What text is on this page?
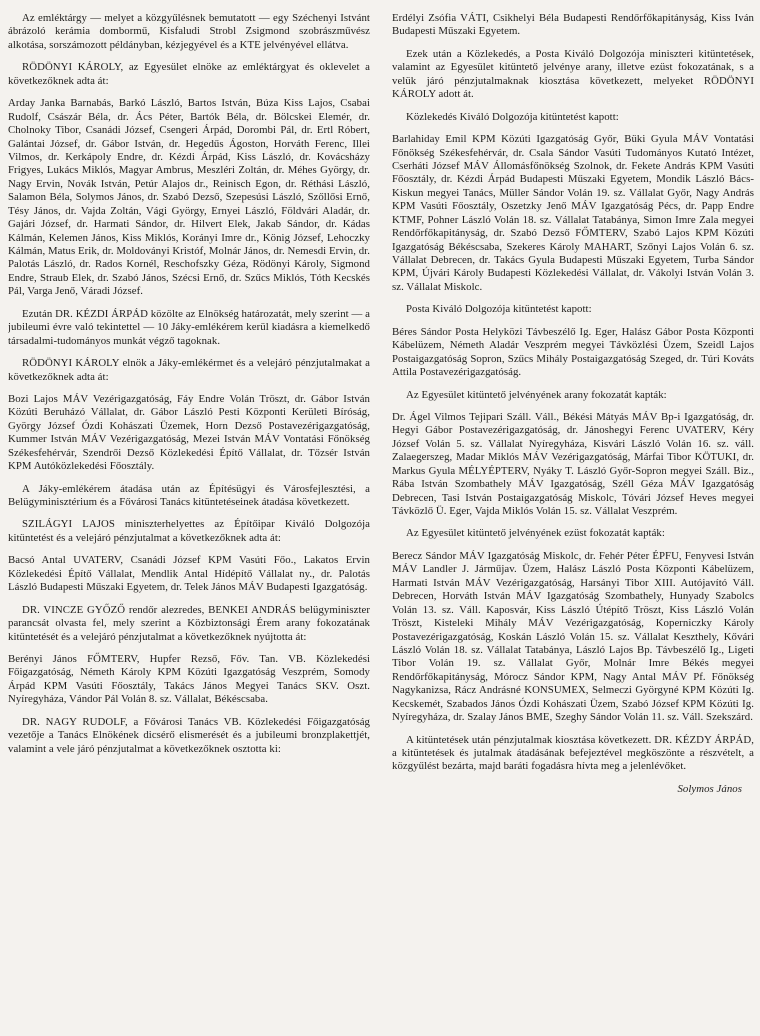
Az emléktárgy — melyet a közgyűlésnek bemutatott — egy Széchenyi Istvánt ábrázoló kerámia dombormű, Kisfaludi Strobl Zsigmond szobrászművész alkotása, sorszámozott példányban, kézjegyével és a KTE jelvényével ellátva.

RÖDÖNYI KÁROLY, az Egyesület elnöke az emléktárgyat és oklevelet a következőknek adta át:

Arday Janka Barnabás, Barkó László, Bartos István, Búza Kiss Lajos, Csabai Rudolf, Császár Béla, dr. Ács Péter, Bartók Béla, dr. Bölcskei Elemér, dr. Cholnoky Tibor, Csanádi József, Csengeri Árpád, Dorombi Pál, dr. Ertl Róbert, Galántai József, dr. Gábor István, dr. Hegedűs Ágoston, Horváth Ferenc, Illei Vilmos, dr. Kerkápoly Endre, dr. Kézdi Árpád, Kiss László, dr. Kovácsházy Frigyes, Lukács Miklós, Magyar Ambrus, Meszléri Zoltán, dr. Méhes György, dr. Nagy Ervin, Novák István, Petúr Alajos dr., Reinisch Egon, dr. Réthási László, Salamon Béla, Solymos János, dr. Szabó Dezső, Szepesúsi László, Szőllősi Ernő, Tésy János, dr. Vajda Zoltán, Vági György, Ernyei László, Földvári Aladár, dr. Gajári József, dr. Harmati Sándor, dr. Hilvert Elek, Jakab Sándor, dr. Kádas Kálmán, Kelemen János, Kiss Miklós, Korányi Imre dr., König József, Lehoczky Kálmán, Matus Erik, dr. Moldoványi Kristóf, Molnár János, dr. Nemesdi Ervin, dr. Palotás László, dr. Rados Kornél, Reschofszky Géza, Rödönyi Károly, Sigmond Endre, Straub Elek, dr. Szabó János, Szécsi Ernő, dr. Szűcs Miklós, Tóth Kecskés Pál, Varga Jenő, Váradi József.

Ezután DR. KÉZDI ÁRPÁD közölte az Elnökség határozatát, mely szerint — a jubileumi évre való tekintettel — 10 Jáky-emlékérem kerül kiadásra a kiemelkedő társadalmi-tudományos munkát végző tagoknak.

RÖDÖNYI KÁROLY elnök a Jáky-emlékérmet és a velejáró pénzjutalmakat a következőknek adta át:

Bozi Lajos MÁV Vezérigazgatóság, Fáy Endre Volán Tröszt, dr. Gábor István Közúti Beruházó Vállalat, dr. Gábor László Pesti Központi Kerületi Bíróság, György József Ózdi Kohászati Üzemek, Horn Dezső Postavezérigazgatóság, Kummer István MÁV Vezérigazgatóság, Mezei István MÁV Vontatási Főnökség Székesfehérvár, Szendrői Dezső Közlekedési Építő Vállalat, dr. Tőzsér István KPM Autóközlekedési Főosztály.

A Jáky-emlékérem átadása után az Építésügyi és Városfejlesztési, a Belügyminisztérium és a Fővárosi Tanács kitüntetéseinek átadása következett.

SZILÁGYI LAJOS miniszterhelyettes az Építőipar Kiváló Dolgozója kitüntetést és a velejáró pénzjutalmat a következőknek adta át:

Bacsó Antal UVATERV, Csanádi József KPM Vasúti Főo., Lakatos Ervin Közlekedési Építő Vállalat, Mendlik Antal Hídépítő Vállalat ny., dr. Palotás László Budapesti Műszaki Egyetem, dr. Telek János MÁV Budapesti Igazgatóság.

DR. VINCZE GYŐZŐ rendőr alezredes, BENKEI ANDRÁS belügyminiszter parancsát olvasta fel, mely szerint a Közbiztonsági Érem arany fokozatának kitüntetését és a velejáró pénzjutalmat a következőknek nyújtotta át:

Berényi János FŐMTERV, Hupfer Rezső, Főv. Tan. VB. Közlekedési Főigazgatóság, Németh Károly KPM Közúti Igazgatóság Veszprém, Somody Árpád KPM Vasúti Főosztály, Takács János Megyei Tanács SKV. Oszt. Nyíregyháza, Vándor Pál Volán 8. sz. Vállalat, Békéscsaba.

DR. NAGY RUDOLF, a Fővárosi Tanács VB. Közlekedési Főigazgatóság vezetője a Tanács Elnökének dicsérő elismerését és a jubileumi bronzplakettjét, valamint a vele járó pénzjutalmat a következőknek osztotta ki:

Erdélyi Zsófia VÁTI, Csikhelyi Béla Budapesti Rendőrfőkapitányság, Kiss Iván Budapesti Műszaki Egyetem.

Ezek után a Közlekedés, a Posta Kiváló Dolgozója miniszteri kitüntetések, valamint az Egyesület kitüntető jelvénye arany, illetve ezüst fokozatának, s a velük járó pénzjutalmaknak kiosztása következett, melyeket RÖDÖNYI KÁROLY adott át.

Közlekedés Kiváló Dolgozója kitüntetést kapott:

Barlahiday Emil KPM Közúti Igazgatóság Győr, Büki Gyula MÁV Vontatási Főnökség Székesfehérvár, dr. Csala Sándor Vasúti Tudományos Kutató Intézet, Cserháti József MÁV Állomásfőnökség Szolnok, dr. Fekete András KPM Vasúti Főosztály, dr. Kézdi Árpád Budapesti Műszaki Egyetem, Mondik László Bács-Kiskun megyei Tanács, Müller Sándor Volán 19. sz. Vállalat Győr, Nagy András KPM Vasúti Főosztály, Oszetzky Jenő MÁV Igazgatóság Pécs, dr. Papp Endre KTMF, Pohner László Volán 18. sz. Vállalat Tatabánya, Simon Imre Zala megyei Rendőrfőkapitányság, dr. Szabó Dezső FŐMTERV, Szabó Lajos KPM Közúti Igazgatóság Békéscsaba, Szekeres Károly MAHART, Szőnyi Lajos Volán 6. sz. Vállalat Debrecen, dr. Takács Gyula Budapesti Műszaki Egyetem, Turba Sándor KPM, Újvári Károly Budapesti Közlekedési Vállalat, dr. Vákolyi István Volán 3. sz. Vállalat Miskolc.

Posta Kiváló Dolgozója kitüntetést kapott:

Béres Sándor Posta Helyközi Távbeszélő Ig. Eger, Halász Gábor Posta Központi Kábelüzem, Németh Aladár Veszprém megyei Távközlési Üzem, Szeidl Lajos Postaigazgatóság Sopron, Szűcs Mihály Postaigazgatóság Szeged, dr. Túri Kováts Attila Postavezérigazgatóság.

Az Egyesület kitüntető jelvényének arany fokozatát kapták:

Dr. Ágel Vilmos Tejipari Száll. Váll., Békési Mátyás MÁV Bp-i Igazgatóság, dr. Hegyi Gábor Postavezérigazgatóság, dr. Jánoshegyi Ferenc UVATERV, Kéry József Volán 5. sz. Vállalat Nyíregyháza, Kisvári László Volán 16. sz. váll. Zalaegerszeg, Madar Miklós MÁV Vezérigazgatóság, Márfai Tibor KÖTUKI, dr. Markus Gyula MÉLYÉPTERV, Nyáky T. László Győr-Sopron megyei Száll. Biz., Rába István Szombathely MÁV Igazgatóság, Széll Géza MÁV Igazgatóság Debrecen, Tasi István Postaigazgatóság Miskolc, Tóvári József Heves megyei Távközlő Ü. Eger, Vajda Miklós Volán 15. sz. Vállalat Veszprém.

Az Egyesület kitüntető jelvényének ezüst fokozatát kapták:

Berecz Sándor MÁV Igazgatóság Miskolc, dr. Fehér Péter ÉPFU, Fenyvesi István MÁV Landler J. Járműjav. Üzem, Halász László Posta Központi Kábelüzem, Harmati István MÁV Vezérigazgatóság, Harsányi Tibor XIII. Autójavító Váll. Debrecen, Horváth István MÁV Igazgatóság Szombathely, Hunyady Szabolcs Volán 13. sz. Váll. Kaposvár, Kiss László Útépítő Tröszt, Kiss László Volán Tröszt, Kisteleki Mihály MÁV Vezérigazgatóság, Koperniczky Károly Postavezérigazgatóság, Koskán László Volán 15. sz. Vállalat Keszthely, Kővári László Volán 18. sz. Vállalat Tatabánya, László Lajos Bp. Távbeszélő Ig., Ligeti Tibor Volán 19. sz. Vállalat Győr, Molnár Imre Békés megyei Rendőrfőkapitányság, Mórocz Sándor KPM, Nagy Antal MÁV Pf. Főnökség Nagykanizsa, Rácz Andrásné KONSUMEX, Selmeczi Györgyné KPM Közúti Ig. Kecskemét, Szabados János Ózdi Kohászati Üzem, Szabó József KPM Közúti Ig. Nyíregyháza, dr. Szalay János BME, Szeghy Sándor Volán 11. sz. Váll. Szekszárd.

A kitüntetések után pénzjutalmak kiosztása következett. DR. KÉZDY ÁRPÁD, a kitüntetések és jutalmak átadásának befejeztével megköszönte a részvételt, a közgyűlést bezárta, majd baráti fogadásra hívta meg a jelenlévőket.

Solymos János
